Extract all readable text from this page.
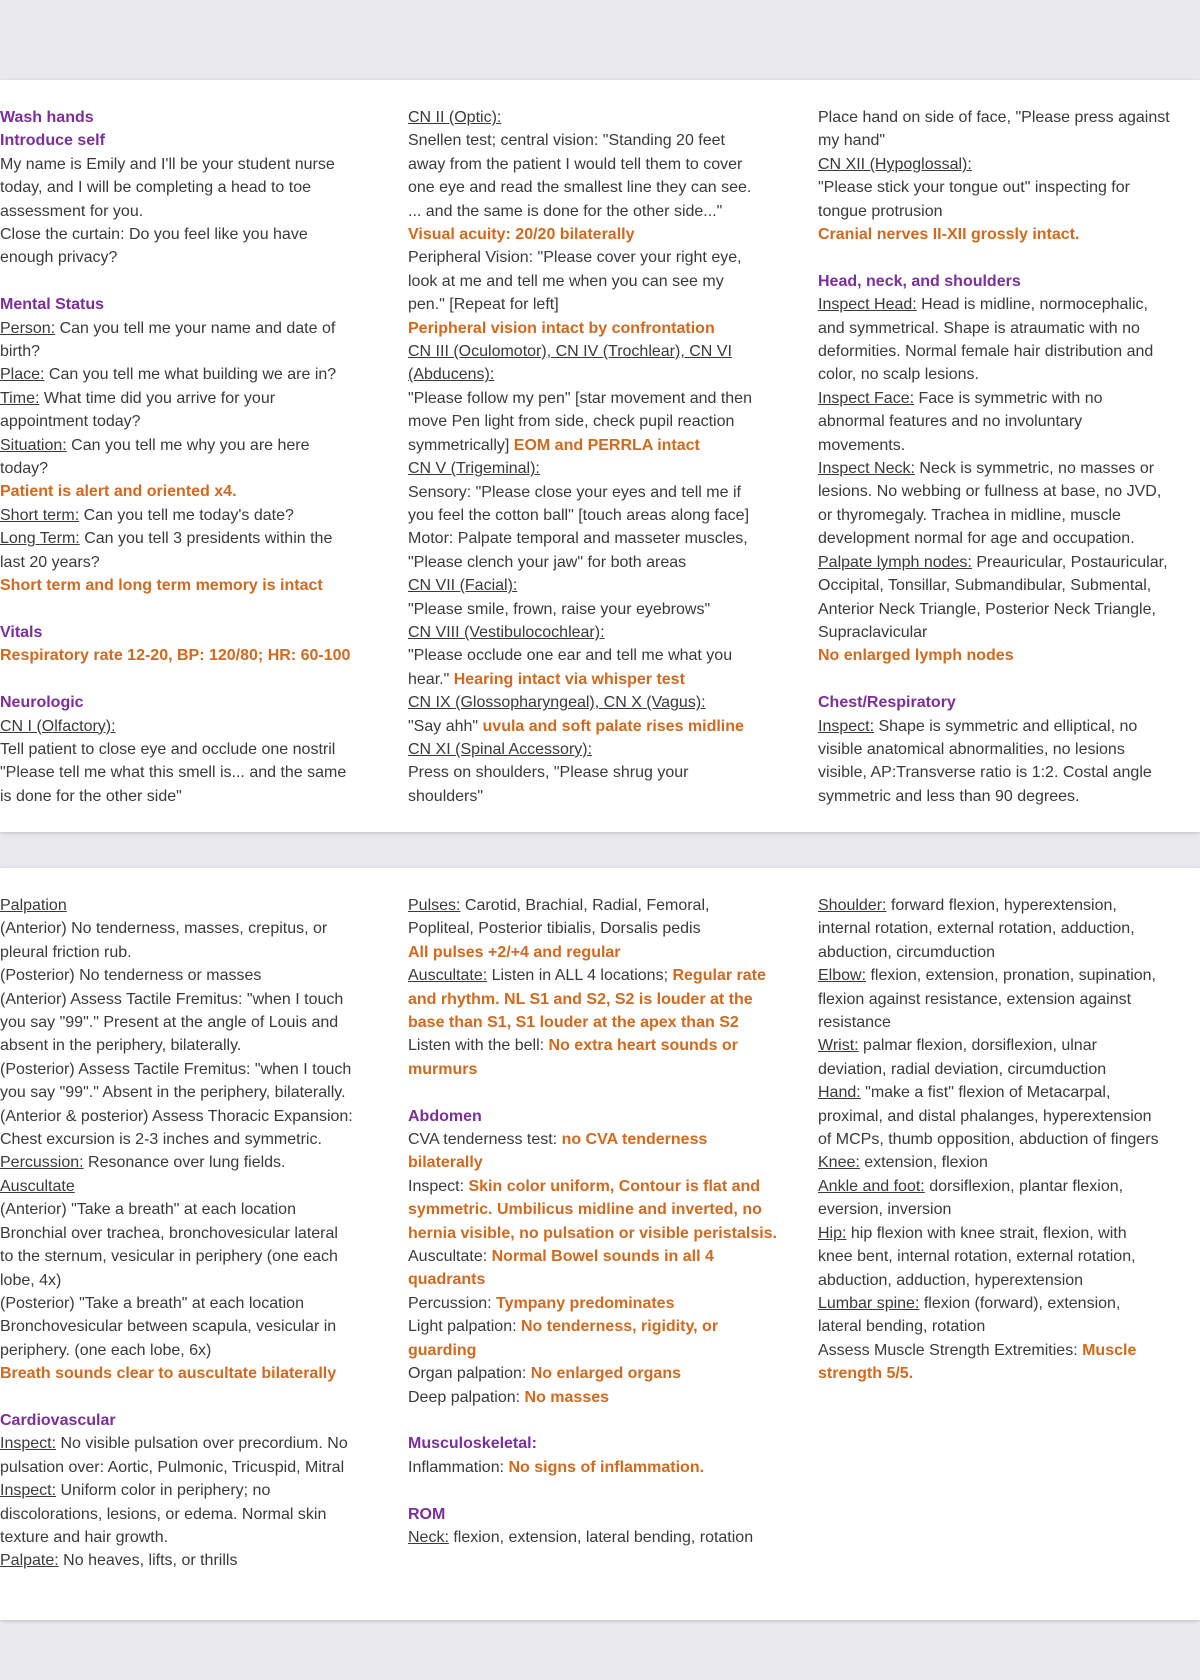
Wash hands
Introduce self
My name is Emily and I'll be your student nurse
today, and I will be completing a head to toe
assessment for you.
Close the curtain: Do you feel like you have
enough privacy?
Mental Status
Person: Can you tell me your name and date of
birth?
Place: Can you tell me what building we are in?
Time: What time did you arrive for your
appointment today?
Situation: Can you tell me why you are here
today?
Patient is alert and oriented x4.
Short term: Can you tell me today's date?
Long Term: Can you tell 3 presidents within the
last 20 years?
Short term and long term memory is intact
Vitals
Respiratory rate 12-20, BP: 120/80; HR: 60-100
Neurologic
CN I (Olfactory):
Tell patient to close eye and occlude one nostril
"Please tell me what this smell is... and the same
is done for the other side"
CN II (Optic):
Snellen test; central vision: "Standing 20 feet
away from the patient I would tell them to cover
one eye and read the smallest line they can see.
... and the same is done for the other side..."
Visual acuity: 20/20 bilaterally
Peripheral Vision: "Please cover your right eye,
look at me and tell me when you can see my
pen." [Repeat for left]
Peripheral vision intact by confrontation
CN III (Oculomotor), CN IV (Trochlear), CN VI
(Abducens):
"Please follow my pen" [star movement and then
move Pen light from side, check pupil reaction
symmetrically] EOM and PERRLA intact
CN V (Trigeminal):
Sensory: "Please close your eyes and tell me if
you feel the cotton ball" [touch areas along face]
Motor: Palpate temporal and masseter muscles,
"Please clench your jaw" for both areas
CN VII (Facial):
"Please smile, frown, raise your eyebrows"
CN VIII (Vestibulocochlear):
"Please occlude one ear and tell me what you
hear." Hearing intact via whisper test
CN IX (Glossopharyngeal), CN X (Vagus):
"Say ahh" uvula and soft palate rises midline
CN XI (Spinal Accessory):
Press on shoulders, "Please shrug your
shoulders"
Place hand on side of face, "Please press against
my hand"
CN XII (Hypoglossal):
"Please stick your tongue out" inspecting for
tongue protrusion
Cranial nerves II-XII grossly intact.
Head, neck, and shoulders
Inspect Head: Head is midline, normocephalic,
and symmetrical. Shape is atraumatic with no
deformities. Normal female hair distribution and
color, no scalp lesions.
Inspect Face: Face is symmetric with no
abnormal features and no involuntary
movements.
Inspect Neck: Neck is symmetric, no masses or
lesions. No webbing or fullness at base, no JVD,
or thyromegaly. Trachea in midline, muscle
development normal for age and occupation.
Palpate lymph nodes: Preauricular, Postauricular,
Occipital, Tonsillar, Submandibular, Submental,
Anterior Neck Triangle, Posterior Neck Triangle,
Supraclavicular
No enlarged lymph nodes
Chest/Respiratory
Inspect: Shape is symmetric and elliptical, no
visible anatomical abnormalities, no lesions
visible, AP:Transverse ratio is 1:2. Costal angle
symmetric and less than 90 degrees.
Palpation
(Anterior) No tenderness, masses, crepitus, or
pleural friction rub.
(Posterior) No tenderness or masses
(Anterior) Assess Tactile Fremitus: "when I touch
you say "99"." Present at the angle of Louis and
absent in the periphery, bilaterally.
(Posterior) Assess Tactile Fremitus: "when I touch
you say "99"." Absent in the periphery, bilaterally.
(Anterior & posterior) Assess Thoracic Expansion:
Chest excursion is 2-3 inches and symmetric.
Percussion: Resonance over lung fields.
Auscultate
(Anterior) "Take a breath" at each location
Bronchial over trachea, bronchovesicular lateral
to the sternum, vesicular in periphery (one each
lobe, 4x)
(Posterior) "Take a breath" at each location
Bronchovesicular between scapula, vesicular in
periphery. (one each lobe, 6x)
Breath sounds clear to auscultate bilaterally
Cardiovascular
Inspect: No visible pulsation over precordium. No
pulsation over: Aortic, Pulmonic, Tricuspid, Mitral
Inspect: Uniform color in periphery; no
discolorations, lesions, or edema. Normal skin
texture and hair growth.
Palpate: No heaves, lifts, or thrills
Pulses: Carotid, Brachial, Radial, Femoral,
Popliteal, Posterior tibialis, Dorsalis pedis
All pulses +2/+4 and regular
Auscultate: Listen in ALL 4 locations; Regular rate
and rhythm. NL S1 and S2, S2 is louder at the
base than S1, S1 louder at the apex than S2
Listen with the bell: No extra heart sounds or
murmurs
Abdomen
CVA tenderness test: no CVA tenderness
bilaterally
Inspect: Skin color uniform, Contour is flat and
symmetric. Umbilicus midline and inverted, no
hernia visible, no pulsation or visible peristalsis.
Auscultate: Normal Bowel sounds in all 4
quadrants
Percussion: Tympany predominates
Light palpation: No tenderness, rigidity, or
guarding
Organ palpation: No enlarged organs
Deep palpation: No masses
Musculoskeletal:
Inflammation: No signs of inflammation.
ROM
Neck: flexion, extension, lateral bending, rotation
Shoulder: forward flexion, hyperextension,
internal rotation, external rotation, adduction,
abduction, circumduction
Elbow: flexion, extension, pronation, supination,
flexion against resistance, extension against
resistance
Wrist: palmar flexion, dorsiflexion, ulnar
deviation, radial deviation, circumduction
Hand: "make a fist" flexion of Metacarpal,
proximal, and distal phalanges, hyperextension
of MCPs, thumb opposition, abduction of fingers
Knee: extension, flexion
Ankle and foot: dorsiflexion, plantar flexion,
eversion, inversion
Hip: hip flexion with knee strait, flexion, with
knee bent, internal rotation, external rotation,
abduction, adduction, hyperextension
Lumbar spine: flexion (forward), extension,
lateral bending, rotation
Assess Muscle Strength Extremities: Muscle
strength 5/5.
